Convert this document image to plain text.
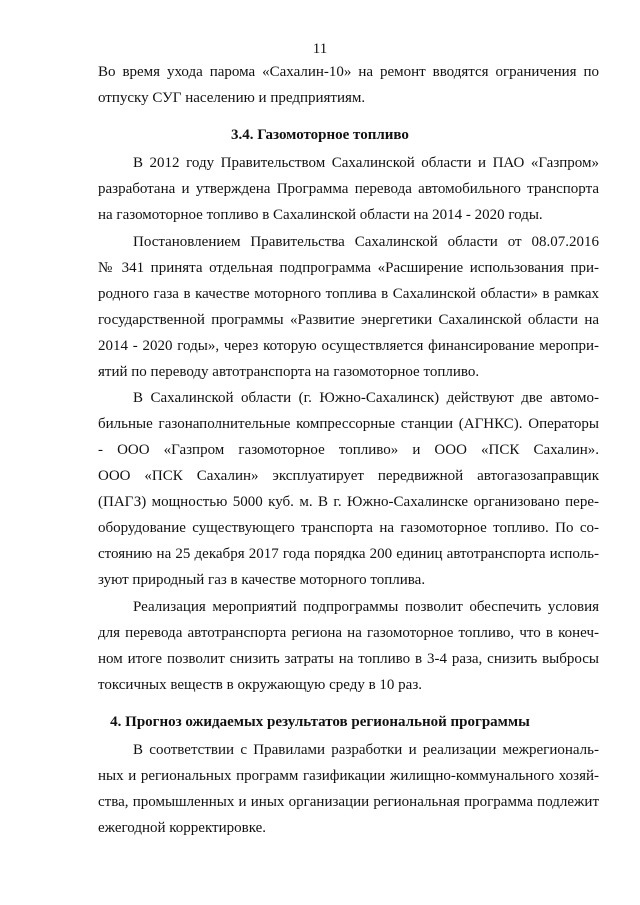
11
Во время ухода парома «Сахалин-10» на ремонт вводятся ограничения по
отпуску СУГ населению и предприятиям.
3.4. Газомоторное топливо
В 2012 году Правительством Сахалинской области и ПАО «Газпром»
разработана и утверждена Программа перевода автомобильного транспорта
на газомоторное топливо в Сахалинской области на 2014 - 2020 годы.
Постановлением Правительства Сахалинской области от 08.07.2016
№ 341 принята отдельная подпрограмма «Расширение использования при-
родного газа в качестве моторного топлива в Сахалинской области» в рамках
государственной программы «Развитие энергетики Сахалинской области на
2014 - 2020 годы», через которую осуществляется финансирование меропри-
ятий по переводу автотранспорта на газомоторное топливо.
В Сахалинской области (г. Южно-Сахалинск) действуют две автомо-
бильные газонаполнительные компрессорные станции (АГНКС). Операторы
- ООО «Газпром газомоторное топливо» и ООО «ПСК Сахалин».
ООО «ПСК Сахалин» эксплуатирует передвижной автогазозаправщик
(ПАГЗ) мощностью 5000 куб. м. В г. Южно-Сахалинске организовано пере-
оборудование существующего транспорта на газомоторное топливо. По со-
стоянию на 25 декабря 2017 года порядка 200 единиц автотранспорта исполь-
зуют природный газ в качестве моторного топлива.
Реализация мероприятий подпрограммы позволит обеспечить условия
для перевода автотранспорта региона на газомоторное топливо, что в конеч-
ном итоге позволит снизить затраты на топливо в 3-4 раза, снизить выбросы
токсичных веществ в окружающую среду в 10 раз.
4. Прогноз ожидаемых результатов региональной программы
В соответствии с Правилами разработки и реализации межрегиональ-
ных и региональных программ газификации жилищно-коммунального хозяй-
ства, промышленных и иных организации региональная программа подлежит
ежегодной корректировке.
